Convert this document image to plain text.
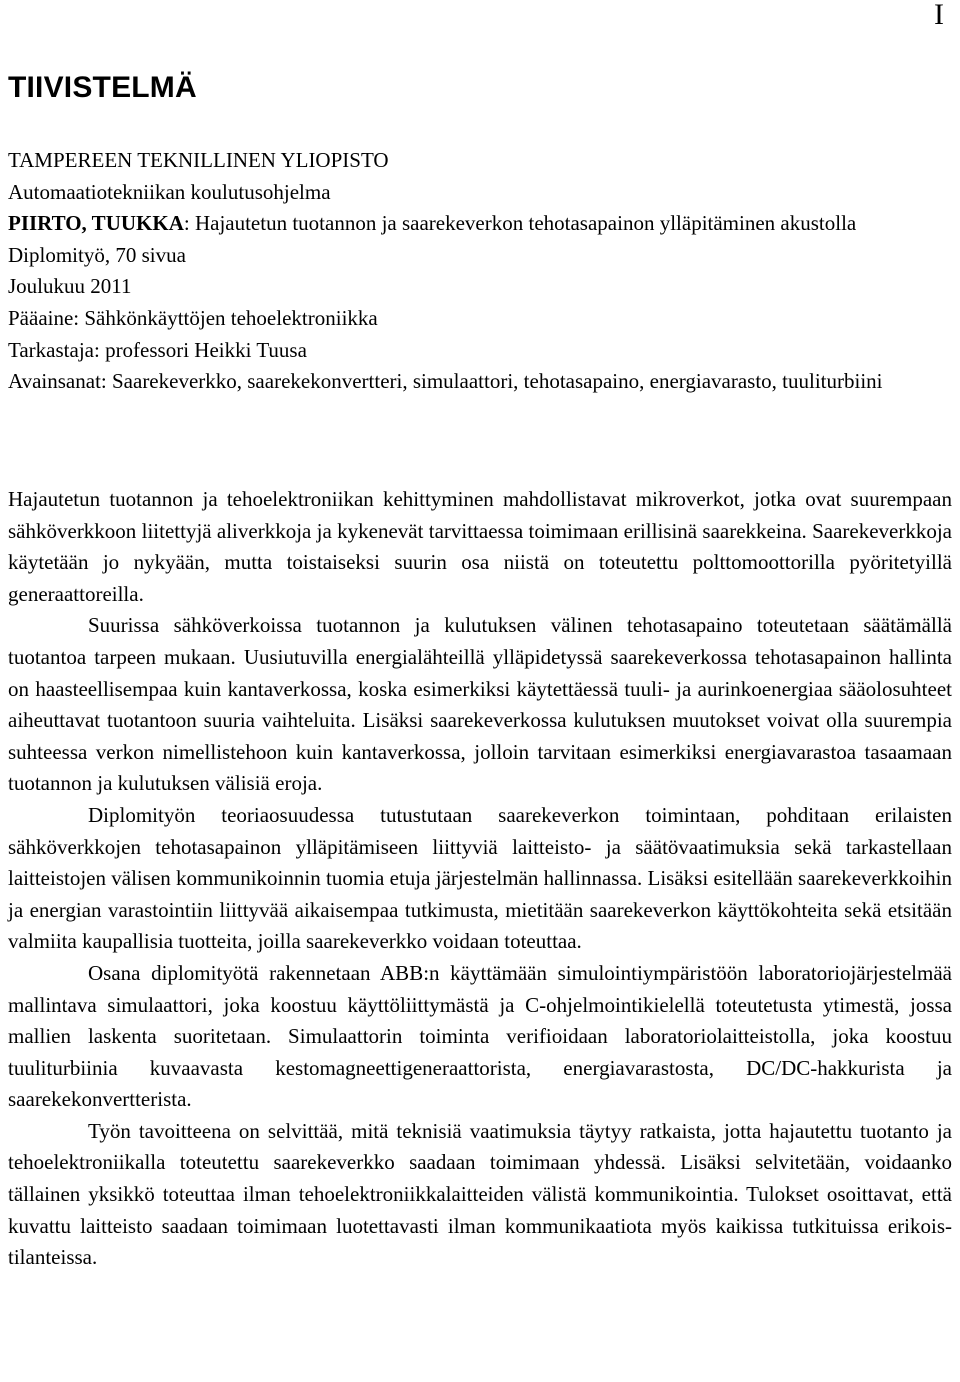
I
TIIVISTELMÄ
TAMPEREEN TEKNILLINEN YLIOPISTO
Automaatiotekniikan koulutusohjelma
PIIRTO, TUUKKA: Hajautetun tuotannon ja saarekeverkon tehotasapainon ylläpitäminen akustolla
Diplomityö, 70 sivua
Joulukuu 2011
Pääaine: Sähkönkäyttöjen tehoelektroniikka
Tarkastaja: professori Heikki Tuusa
Avainsanat: Saarekeverkko, saarekekonvertteri, simulaattori, tehotasapaino, energiavarasto, tuuliturbiini

Hajautetun tuotannon ja tehoelektroniikan kehittyminen mahdollistavat mikroverkot, jotka ovat suurempaan sähköverkkoon liitettyjä aliverkkoja ja kykenevät tarvittaessa toimimaan erillisinä saarekkeina. Saarekeverkkoja käytetään jo nykyään, mutta toistaiseksi suurin osa niistä on toteutettu polttomoottorilla pyöritetyillä generaattoreilla.

Suurissa sähköverkoissa tuotannon ja kulutuksen välinen tehotasapaino toteutetaan säätämällä tuotantoa tarpeen mukaan. Uusiutuvilla energialähteillä ylläpidetyssä saarekeverkossa tehotasapainon hallinta on haasteellisempaa kuin kantaverkossa, koska esimerkiksi käytettäessä tuuli- ja aurinkoenergiaa sääolosuhteet aiheuttavat tuotantoon suuria vaihteluita. Lisäksi saarekeverkossa kulutuksen muutokset voivat olla suurempia suhteessa verkon nimellistehoon kuin kantaverkossa, jolloin tarvitaan esimerkiksi energiavarastoa tasaamaan tuotannon ja kulutuksen välisiä eroja.

Diplomityön teoriaosuudessa tutustutaan saarekeverkon toimintaan, pohditaan erilaisten sähköverkkojen tehotasapainon ylläpitämiseen liittyviä laitteisto- ja säätövaatimuksia sekä tarkastellaan laitteistojen välisen kommunikoinnin tuomia etuja järjestelmän hallinnassa. Lisäksi esitellään saarekeverkkoihin ja energian varastointiin liittyvää aikaisempaa tutkimusta, mietitään saarekeverkon käyttökohteita sekä etsitään valmiita kaupallisia tuotteita, joilla saarekeverkko voidaan toteuttaa.

Osana diplomityötä rakennetaan ABB:n käyttämään simulointiympäristöön laboratoriojärjestelmää mallintava simulaattori, joka koostuu käyttöliittymästä ja C-ohjelmointikielellä toteutetusta ytimestä, jossa mallien laskenta suoritetaan. Simulaattorin toiminta verifioidaan laboratoriolaitteistolla, joka koostuu tuuliturbiinia kuvaavasta kestomagneettigeneraattorista, energiavarastosta, DC/DC-hakkurista ja saarekekonvertterista.

Työn tavoitteena on selvittää, mitä teknisiä vaatimuksia täytyy ratkaista, jotta hajautettu tuotanto ja tehoelektroniikalla toteutettu saarekeverkko saadaan toimimaan yhdessä. Lisäksi selvitetään, voidaanko tällainen yksikkö toteuttaa ilman tehoelektroniikkalaitteiden välistä kommunikointia. Tulokset osoittavat, että kuvattu laitteisto saadaan toimimaan luotettavasti ilman kommunikaatiota myös kaikissa tutkituissa erikoistilanteissa.
